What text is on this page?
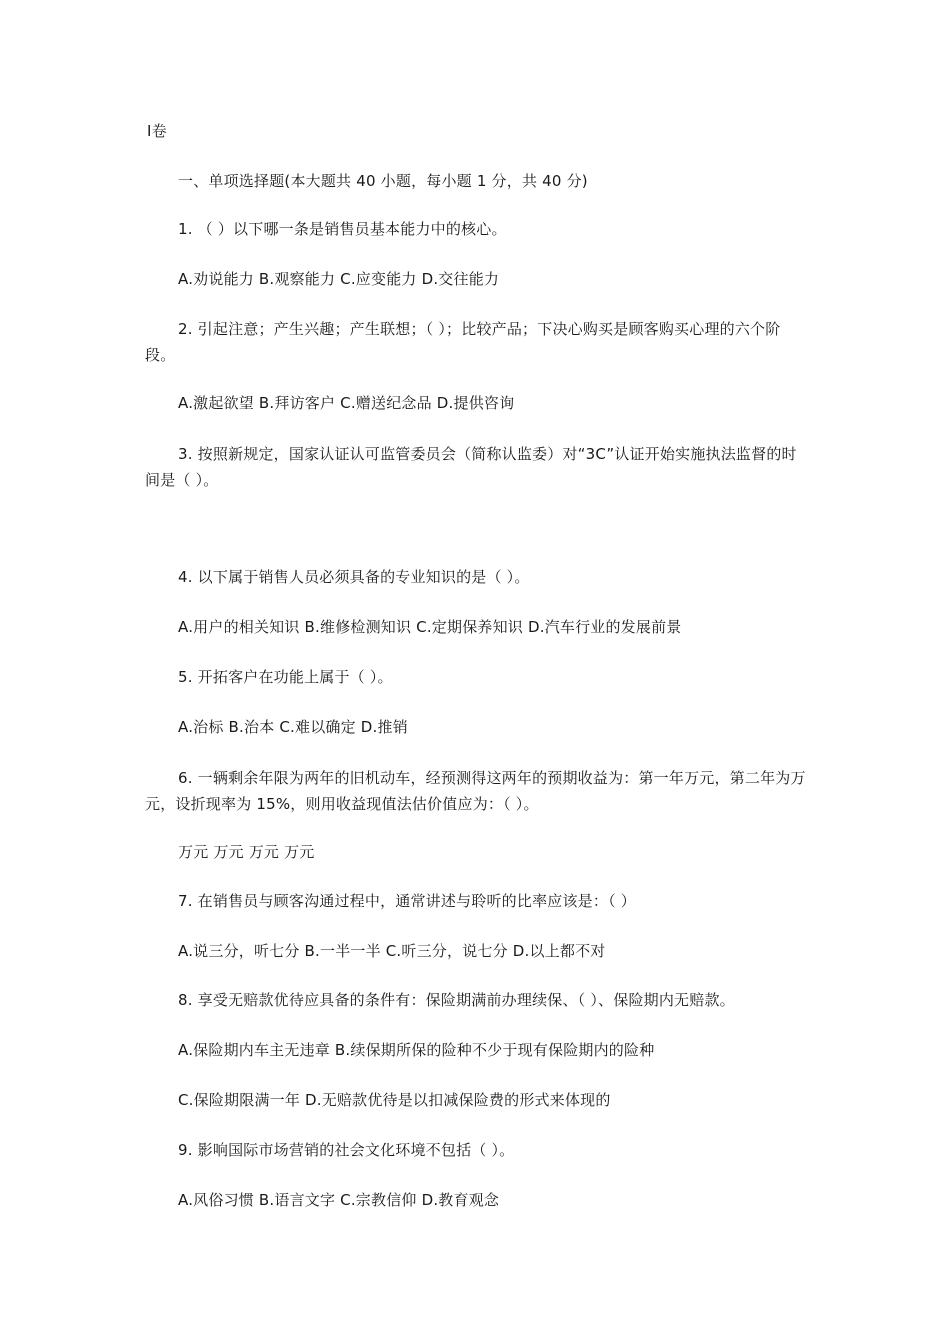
Ⅰ卷
一、单项选择题(本大题共 40 小题，每小题 1 分，共 40 分)
1. （ ）以下哪一条是销售员基本能力中的核心。
A.劝说能力 B.观察能力 C.应变能力 D.交往能力
2. 引起注意；产生兴趣；产生联想；（ ）；比较产品；下决心购买是顾客购买心理的六个阶段。
A.激起欲望 B.拜访客户 C.赠送纪念品 D.提供咨询
3. 按照新规定，国家认证认可监管委员会（简称认监委）对“3C”认证开始实施执法监督的时间是（ ）。
4. 以下属于销售人员必须具备的专业知识的是（ ）。
A.用户的相关知识 B.维修检测知识 C.定期保养知识 D.汽车行业的发展前景
5. 开拓客户在功能上属于（ ）。
A.治标 B.治本 C.难以确定 D.推销
6. 一辆剩余年限为两年的旧机动车，经预测得这两年的预期收益为：第一年万元，第二年为万元，设折现率为 15%，则用收益现值法估价值应为：（ ）。
万元 万元 万元 万元
7. 在销售员与顾客沟通过程中，通常讲述与聆听的比率应该是：（ ）
A.说三分，听七分 B.一半一半 C.听三分，说七分 D.以上都不对
8. 享受无赔款优待应具备的条件有：保险期满前办理续保、（ ）、保险期内无赔款。
A.保险期内车主无违章 B.续保期所保的险种不少于现有保险期内的险种
C.保险期限满一年 D.无赔款优待是以扣减保险费的形式来体现的
9. 影响国际市场营销的社会文化环境不包括（ ）。
A.风俗习惯 B.语言文字 C.宗教信仰 D.教育观念
